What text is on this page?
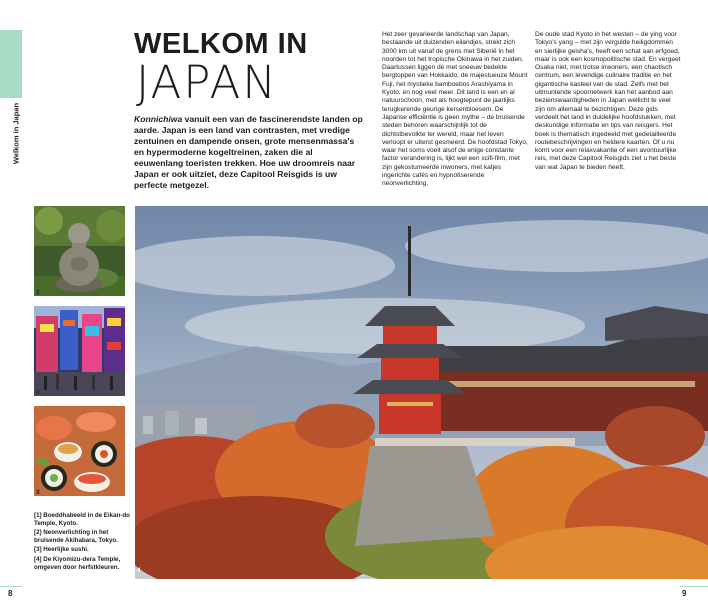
Welkom in Japan
WELKOM IN
JAPAN

Konnichiwa vanuit een van de fascinerendste landen op aarde. Japan is een land van contrasten, met vredige zentuinen en dampende onsen, grote mensenmassa's en hypermoderne kogeltreinen, zaken die al eeuwenlang toeristen trekken. Hoe uw droomreis naar Japan er ook uitziet, deze Capitool Reisgids is uw perfecte metgezel.

Het zeer gevarieerde landschap van Japan, bestaande uit duizenden eilandjes, strekt zich 3000 km uit vanaf de grens met Siberië in het noorden tot het tropische Okinawa in het zuiden. Daartussen liggen de met sneeuw bedekte bergtoppen van Hokkaido, de majestueuze Mount Fuji, het mystieke bamboebos Arashiyama in Kyoto, en nog veel meer. Dit land is een en al natuurschoon, met als hoogtepunt de jaarlijks terugkerende geurige kersenbloesem. De Japanse efficiëntie is geen mythe – de bruisende steden behoren waarschijnlijk tot de dichtstbevolkte ter wereld, maar het leven verloopt er uiterst gesmeerd. De hoofdstad Tokyo, waar het soms voelt alsof de enige constante factor verandering is, lijkt wel een scifi-film, met zijn gekostumeerde inwoners, met katjes ingerichte cafés en hypnotiserende neonverlichting.

De oude stad Kyoto in het westen – de ying voor Tokyo's yang – met zijn vergulde heiligdommen en sierlijke geisha's, heeft een schat aan erfgoed, maar is ook een kosmopolitische stad. En vergeet Osaka niet, met trotse inwoners, een chaotisch centrum, een levendige culinaire traditie en het gigantische kasteel van de stad. Zelfs met het uitmuntende spoornetwerk kan het aanbod aan bezienswaardigheden in Japan wellicht te veel zijn om allemaal te bezichtigen. Deze gids verdeelt het land in duidelijke hoofdstukken, met deskundige informatie en tips van reisgers. Het boek is thematisch ingedeeld met gedetailleerde routebeschrijvingen en heldere kaarten. Of u nu komt voor een relaxvakantie of een avontuurlijke reis, met deze Capitool Reisgids ziet u het beste van wat Japan te bieden heeft.

1
2
3
[1] Boeddhabeeld in de Eikan-do Temple, Kyoto.
[2] Neonverlichting in het bruisende Akihabara, Tokyo.
[3] Heerlijke sushi.
[4] De Kiyomizu-dera Temple, omgeven door herfstkleuren.	4
8	9
